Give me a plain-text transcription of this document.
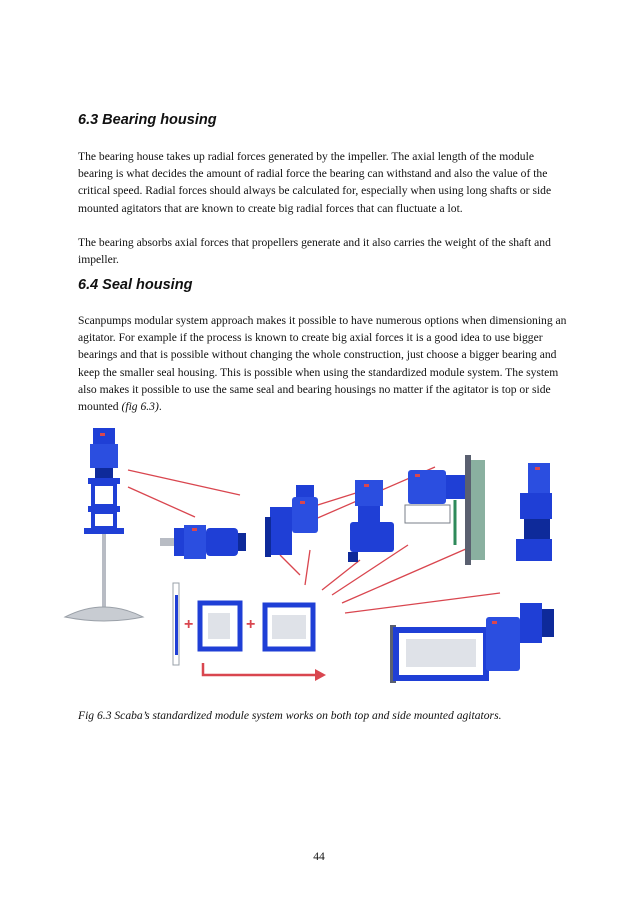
6.3 Bearing housing

The bearing house takes up radial forces generated by the impeller. The axial length of the module bearing is what decides the amount of radial force the bearing can withstand and also the value of the critical speed. Radial forces should always be calculated for, especially when using long shafts or side mounted agitators that are known to create big radial forces that can fluctuate a lot.

The bearing absorbs axial forces that propellers generate and it also carries the weight of the shaft and impeller.

6.4 Seal housing

Scanpumps modular system approach makes it possible to have numerous options when dimensioning an agitator. For example if the process is known to create big axial forces it is a good idea to use bigger bearings and that is possible without changing the whole construction, just choose a bigger bearing and keep the smaller seal housing. This is possible when using the standardized module system. The system also makes it possible to use the same seal and bearing housings no matter if the agitator is top or side mounted (fig 6.3).

+	+
Fig 6.3 Scaba’s standardized module system works on both top and side mounted agitators.
44
